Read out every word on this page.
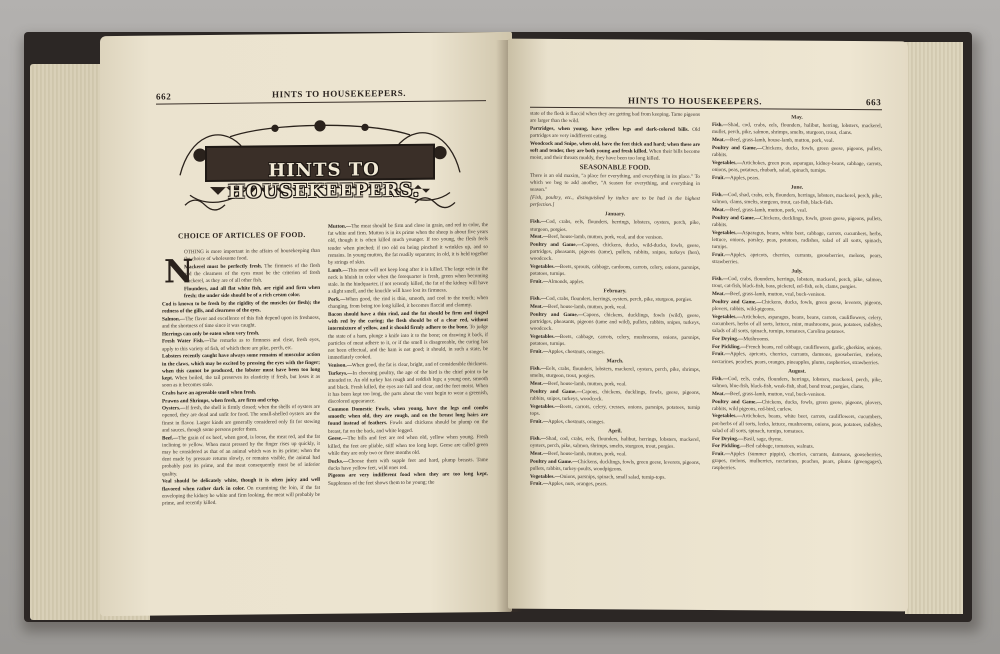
662	HINTS TO HOUSEKEEPERS.
HINTS TO HOUSEKEEPERS.
CHOICE OF ARTICLES OF FOOD.
N

OTHING is more important in the affairs of housekeeping than the choice of wholesome food.

Mackerel must be perfectly fresh. The firmness of the flesh and the clearness of the eyes must be the criterion of fresh mackerel, as they are of all other fish.

Flounders, and all flat white fish, are rigid and firm when fresh; the under side should be of a rich cream color.

Cod is known to be fresh by the rigidity of the muscles (or flesh); the redness of the gills, and clearness of the eyes.

Salmon.—The flavor and excellence of this fish depend upon its freshness, and the shortness of time since it was caught.

Herrings can only be eaten when very fresh.

Fresh Water Fish.—The remarks as to firmness and clear, fresh eyes, apply to this variety of fish, of which there are pike, perch, etc.

Lobsters recently caught have always some remains of muscular action in the claws, which may be excited by pressing the eyes with the finger; when this cannot be produced, the lobster must have been too long kept. When boiled, the tail preserves its elasticity if fresh, but loses it as soon as it becomes stale.

Crabs have an agreeable smell when fresh.

Prawns and Shrimps, when fresh, are firm and crisp.

Oysters.—If fresh, the shell is firmly closed; when the shells of oysters are opened, they are dead and unfit for food. The small-shelled oysters are the finest in flavor. Larger kinds are generally considered only fit for stewing and sauces, though some persons prefer them.

Beef.—The grain of ox beef, when good, is loose, the meat red, and the fat inclining to yellow. When meat pressed by the finger rises up quickly, it may be considered as that of an animal which was in its prime; when the dent made by pressure returns slowly, or remains visible, the animal had probably past its prime, and the meat consequently must be of inferior quality.

Veal should be delicately white, though it is often juicy and well flavored when rather dark in color. On examining the loin, if the fat enveloping the kidney be white and firm looking, the meat will probably be prime, and recently killed.

Mutton.—The meat should be firm and close in grain, and red in color, the fat white and firm. Mutton is in its prime when the sheep is about five years old, though it is often killed much younger. If too young, the flesh feels tender when pinched; if too old on being pinched it wrinkles up, and so remains. In young mutton, the fat readily separates; in old, it is held together by strings of skin.

Lamb.—This meat will not keep long after it is killed. The large vein in the neck is bluish in color when the forequarter is fresh, green when becoming stale. In the hindquarter, if not recently killed, the fat of the kidney will have a slight smell, and the knuckle will have lost its firmness.

Pork.—When good, the rind is thin, smooth, and cool to the touch; when changing, from being too long killed, it becomes flaccid and clammy.

Bacon should have a thin rind, and the fat should be firm and tinged with red by the curing; the flesh should be of a clear red, without intermixture of yellow, and it should firmly adhere to the bone. To judge the state of a ham, plunge a knife into it to the bone; on drawing it back, if particles of meat adhere to it, or if the smell is disagreeable, the curing has not been effectual, and the ham is not good; it should, in such a state, be immediately cooked.

Venison.—When good, the fat is clear, bright, and of considerable thickness.

Turkeys.—In choosing poultry, the age of the bird is the chief point to be attended to. An old turkey has rough and reddish legs; a young one, smooth and black. Fresh killed, the eyes are full and clear, and the feet moist. When it has been kept too long, the parts about the vent begin to wear a greenish, discolored appearance.

Common Domestic Fowls, when young, have the legs and combs smooth; when old, they are rough, and on the breast long hairs are found instead of feathers. Fowls and chickens should be plump on the breast, fat on the back, and white legged.

Geese.—The bills and feet are red when old, yellow when young. Fresh killed, the feet are pliable, stiff when too long kept. Geese are called green while they are only two or three months old.

Ducks.—Choose them with supple feet and hard, plump breasts. Tame ducks have yellow feet, wild ones red.

Pigeons are very indifferent food when they are too long kept. Suppleness of the feet shows them to be young; the

HINTS TO HOUSEKEEPERS.	663

state of the flesh is flaccid when they are getting bad from keeping. Tame pigeons are larger than the wild.

Partridges, when young, have yellow legs and dark-colored bills. Old partridges are very indifferent eating.

Woodcock and Snipe, when old, have the feet thick and hard; when these are soft and tender, they are both young and fresh killed. When their bills become moist, and their throats muddy, they have been too long killed.

SEASONABLE FOOD.

There is an old maxim, "a place for everything, and everything in its place." To which we beg to add another, "A season for everything, and everything in season."

[Fish, poultry, etc., distinguished by italics are to be had in the highest perfection.]

January.

Fish.—Cod, crabs, eels, flounders, herrings, lobsters, oysters, perch, pike, sturgeon, porgies.

Meat.—Beef, house-lamb, mutton, pork, veal, and doe venison.

Poultry and Game.—Capons, chickens, ducks, wild-ducks, fowls, geese, partridges, pheasants, pigeons (tame), pullets, rabbits, snipes, turkeys (hen), woodcock.

Vegetables.—Beets, sprouts, cabbage, cardoons, carrots, celery, onions, parsnips, potatoes, turnips.

Fruit.—Almonds, apples.

February.

Fish.—Cod, crabs, flounders, herrings, oysters, perch, pike, sturgeon, porgies.

Meat.—Beef, house-lamb, mutton, pork, veal.

Poultry and Game.—Capons, chickens, ducklings, fowls (wild), geese, partridges, pheasants, pigeons (tame and wild), pullets, rabbits, snipes, turkeys, woodcock.

Vegetables.—Beets, cabbage, carrots, celery, mushrooms, onions, parsnips, potatoes, turnips.

Fruit.—Apples, chestnuts, oranges.

March.

Fish.—Eels, crabs, flounders, lobsters, mackerel, oysters, perch, pike, shrimps, smelts, sturgeon, trout, porgies.

Meat.—Beef, house-lamb, mutton, pork, veal.

Poultry and Game.—Capons, chickens, ducklings, fowls, geese, pigeons, rabbits, snipes, turkeys, woodcock.

Vegetables.—Beets, carrots, celery, cresses, onions, parsnips, potatoes, turnip tops.

Fruit.—Apples, chestnuts, oranges.

April.

Fish.—Shad, cod, crabs, eels, flounders, halibut, herrings, lobsters, mackerel, oysters, perch, pike, salmon, shrimps, smelts, sturgeon, trout, porgies.

Meat.—Beef, house-lamb, mutton, pork, veal.

Poultry and Game.—Chickens, ducklings, fowls, green geese, leverets, pigeons, pullets, rabbits, turkey-poults, woodpigeons.

Vegetables.—Onions, parsnips, spinach, small salad, turnip-tops.

Fruit.—Apples, nuts, oranges, pears.

May.

Fish.—Shad, cod, crabs, eels, flounders, halibut, herring, lobsters, mackerel, mullet, perch, pike, salmon, shrimps, smelts, sturgeon, trout, clams.

Meat.—Beef, grass-lamb, house-lamb, mutton, pork, veal.

Poultry and Game.—Chickens, ducks, fowls, green geese, pigeons, pullets, rabbits.

Vegetables.—Artichokes, green peas, asparagus, kidney-beans, cabbage, carrots, onions, peas, potatoes, rhubarb, salad, spinach, turnips.

Fruit.—Apples, pears.

June.

Fish.—Cod, shad, crabs, eels, flounders, herrings, lobsters, mackerel, perch, pike, salmon, clams, smelts, sturgeon, trout, cat-fish, black-fish.

Meat.—Beef, grass-lamb, mutton, pork, veal.

Poultry and Game.—Chickens, ducklings, fowls, green geese, pigeons, pullets, rabbits.

Vegetables.—Asparagus, beans, white beet, cabbage, carrots, cucumbers, herbs, lettuce, onions, parsley, peas, potatoes, radishes, salad of all sorts, spinach, turnips.

Fruit.—Apples, apricots, cherries, currants, gooseberries, melons, pears, strawberries.

July.

Fish.—Cod, crabs, flounders, herrings, lobsters, mackerel, perch, pike, salmon, trout, cat-fish, black-fish, bass, pickerel, eel-fish, eels, clams, porgies.

Meat.—Beef, grass-lamb, mutton, veal, buck-venison.

Poultry and Game.—Chickens, ducks, fowls, green geese, leverets, pigeons, plovers, rabbits, wild-pigeons.

Vegetables.—Artichokes, asparagus, beans, beans, carrots, cauliflowers, celery, cucumbers, herbs of all sorts, lettuce, mint, mushrooms, peas, potatoes, radishes, salads of all sorts, spinach, turnips, tomatoes, Carolina potatoes.

For Drying.—Mushrooms.

For Pickling.—French beans, red cabbage, cauliflowers, garlic, gherkins, onions.

Fruit.—Apples, apricots, cherries, currants, damsons, gooseberries, melons, nectarines, peaches, pears, oranges, pineapples, plums, raspberries, strawberries.

August.

Fish.—Cod, eels, crabs, flounders, herrings, lobsters, mackerel, perch, pike, salmon, blue-fish, black-fish, weak-fish, shad, bond trout, porgies, clams.

Meat.—Beef, grass-lamb, mutton, veal, buck-venison.

Poultry and Game.—Chickens, ducks, fowls, green geese, pigeons, plovers, rabbits, wild pigeons, red-bird, curlew.

Vegetables.—Artichokes, beans, white beet, carrots, cauliflowers, cucumbers, pot-herbs of all sorts, leeks, lettuce, mushrooms, onions, peas, potatoes, radishes, salad of all sorts, spinach, turnips, tomatoes.

For Drying.—Basil, sage, thyme.

For Pickling.—Red cabbage, tomatoes, walnuts.

Fruit.—Apples (summer pippin), cherries, currants, damsons, gooseberries, grapes, melons, mulberries, nectarines, peaches, pears, plums (greengages), raspberries.
